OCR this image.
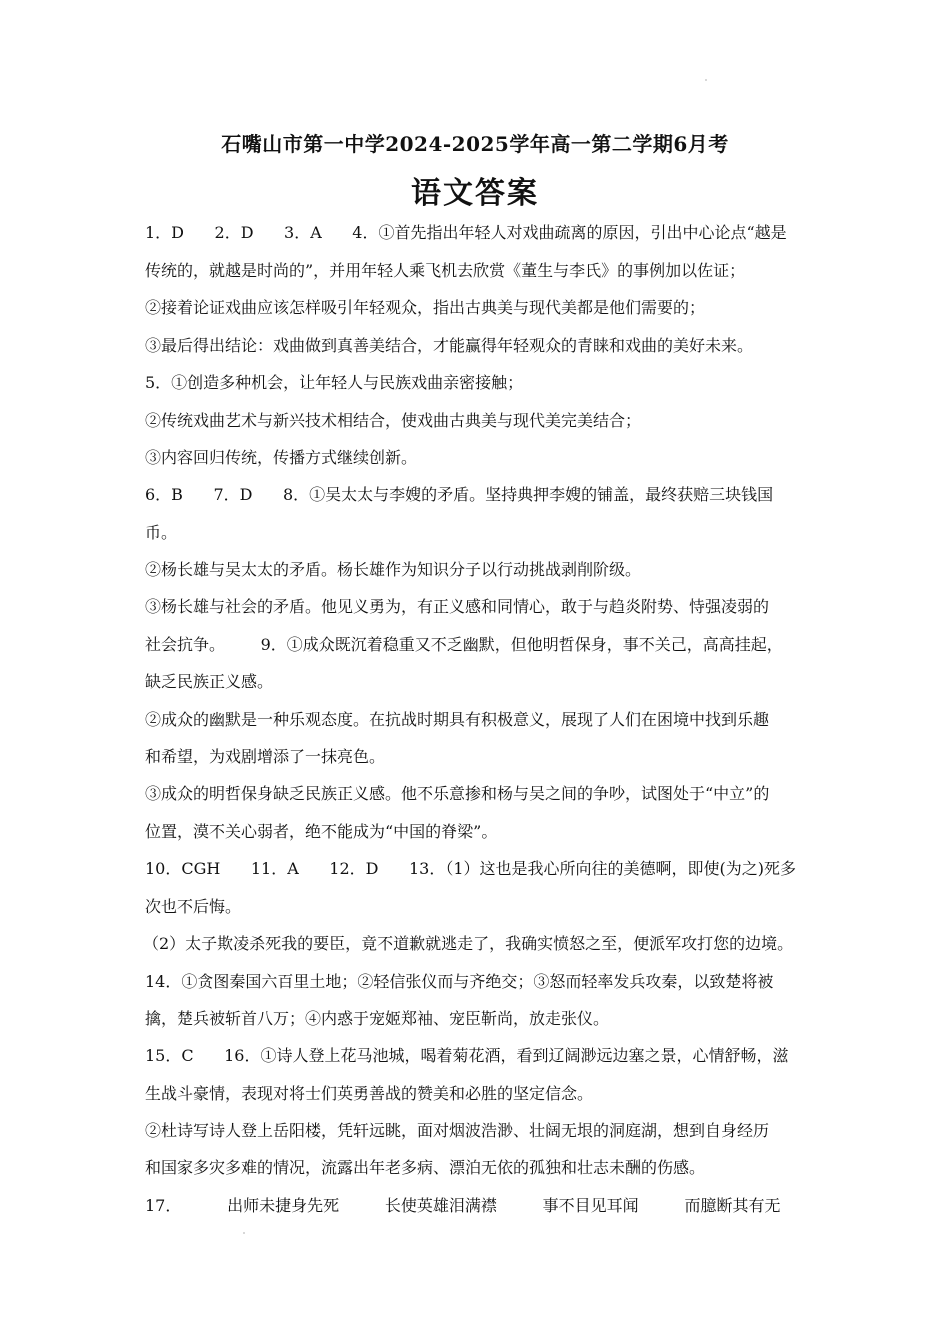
石嘴山市第一中学2024-2025学年高一第二学期6月考
语文答案
1．D      2．D      3．A      4．①首先指出年轻人对戏曲疏离的原因，引出中心论点“越是
传统的，就越是时尚的”，并用年轻人乘飞机去欣赏《董生与李氏》的事例加以佐证；
②接着论证戏曲应该怎样吸引年轻观众，指出古典美与现代美都是他们需要的；
③最后得出结论：戏曲做到真善美结合，才能赢得年轻观众的青睐和戏曲的美好未来。
5．①创造多种机会，让年轻人与民族戏曲亲密接触；
②传统戏曲艺术与新兴技术相结合，使戏曲古典美与现代美完美结合；
③内容回归传统，传播方式继续创新。
6．B      7．D      8．①吴太太与李嫂的矛盾。坚持典押李嫂的铺盖，最终获赔三块钱国
币。
②杨长雄与吴太太的矛盾。杨长雄作为知识分子以行动挑战剥削阶级。
③杨长雄与社会的矛盾。他见义勇为，有正义感和同情心，敢于与趋炎附势、恃强凌弱的
社会抗争。       9．①成众既沉着稳重又不乏幽默，但他明哲保身，事不关己，高高挂起，
缺乏民族正义感。
②成众的幽默是一种乐观态度。在抗战时期具有积极意义，展现了人们在困境中找到乐趣
和希望，为戏剧增添了一抹亮色。
③成众的明哲保身缺乏民族正义感。他不乐意掺和杨与吴之间的争吵，试图处于“中立”的
位置，漠不关心弱者，绝不能成为“中国的脊梁”。
10．CGH      11．A      12．D      13．（1）这也是我心所向往的美德啊，即使(为之)死多
次也不后悔。
（2）太子欺凌杀死我的要臣，竟不道歉就逃走了，我确实愤怒之至，便派军攻打您的边境。
14．①贪图秦国六百里土地；②轻信张仪而与齐绝交；③怒而轻率发兵攻秦，以致楚将被
擒，楚兵被斩首八万；④内惑于宠姬郑袖、宠臣靳尚，放走张仪。
15．C      16．①诗人登上花马池城，喝着菊花酒，看到辽阔渺远边塞之景，心情舒畅，滋
生战斗豪情，表现对将士们英勇善战的赞美和必胜的坚定信念。
②杜诗写诗人登上岳阳楼，凭轩远眺，面对烟波浩渺、壮阔无垠的洞庭湖，想到自身经历
和国家多灾多难的情况，流露出年老多病、漂泊无依的孤独和壮志未酬的伤感。
17．         出师未捷身先死         长使英雄泪满襟         事不目见耳闻         而臆断其有无
